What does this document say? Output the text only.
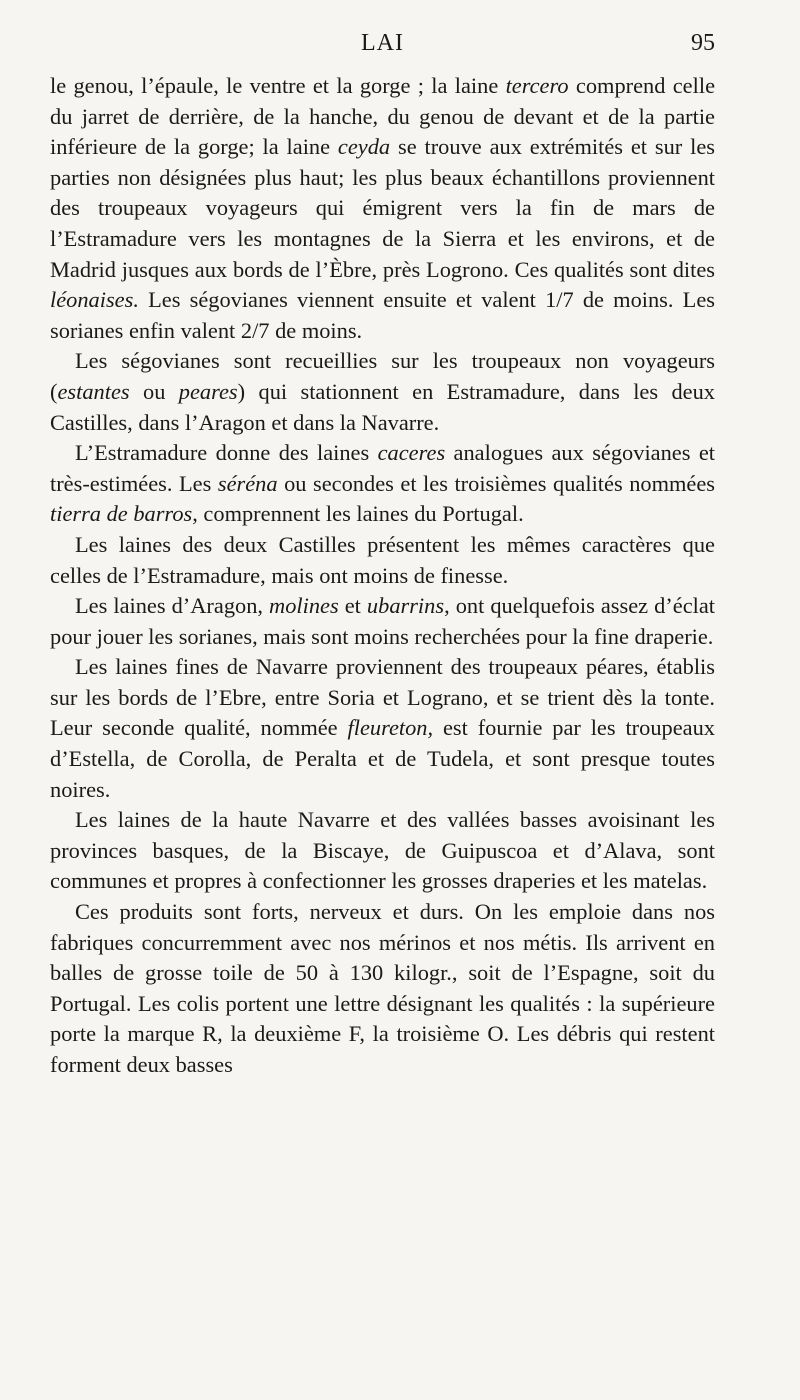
LAI	95

le genou, l’épaule, le ventre et la gorge ; la laine tercero comprend celle du jarret de derrière, de la hanche, du genou de devant et de la partie inférieure de la gorge; la laine ceyda se trouve aux extrémités et sur les parties non désignées plus haut; les plus beaux échantillons proviennent des troupeaux voyageurs qui émigrent vers la fin de mars de l’Estramadure vers les montagnes de la Sierra et les environs, et de Madrid jusques aux bords de l’Èbre, près Logrono. Ces qualités sont dites léonaises. Les ségovianes viennent ensuite et valent 1/7 de moins. Les sorianes enfin valent 2/7 de moins.

Les ségovianes sont recueillies sur les troupeaux non voyageurs (estantes ou peares) qui stationnent en Estramadure, dans les deux Castilles, dans l’Aragon et dans la Navarre.

L’Estramadure donne des laines caceres analogues aux ségovianes et très-estimées. Les séréna ou secondes et les troisièmes qualités nommées tierra de barros, comprennent les laines du Portugal.

Les laines des deux Castilles présentent les mêmes caractères que celles de l’Estramadure, mais ont moins de finesse.

Les laines d’Aragon, molines et ubarrins, ont quelquefois assez d’éclat pour jouer les sorianes, mais sont moins recherchées pour la fine draperie.

Les laines fines de Navarre proviennent des troupeaux péares, établis sur les bords de l’Ebre, entre Soria et Lograno, et se trient dès la tonte. Leur seconde qualité, nommée fleureton, est fournie par les troupeaux d’Estella, de Corolla, de Peralta et de Tudela, et sont presque toutes noires.

Les laines de la haute Navarre et des vallées basses avoisinant les provinces basques, de la Biscaye, de Guipuscoa et d’Alava, sont communes et propres à confectionner les grosses draperies et les matelas.

Ces produits sont forts, nerveux et durs. On les emploie dans nos fabriques concurremment avec nos mérinos et nos métis. Ils arrivent en balles de grosse toile de 50 à 130 kilogr., soit de l’Espagne, soit du Portugal. Les colis portent une lettre désignant les qualités : la supérieure porte la marque R, la deuxième F, la troisième O. Les débris qui restent forment deux basses
